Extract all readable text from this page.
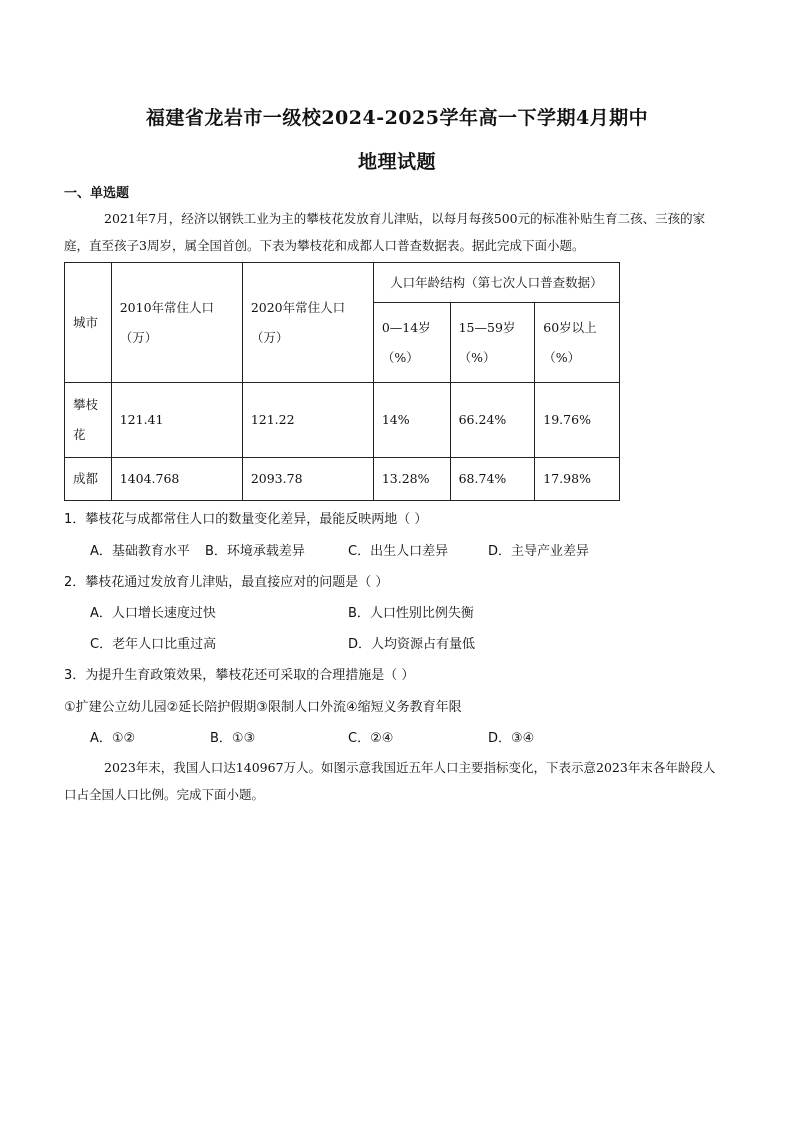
福建省龙岩市一级校2024-2025学年高一下学期4月期中
地理试题
一、单选题
2021年7月，经济以钢铁工业为主的攀枝花发放育儿津贴，以每月每孩500元的标准补贴生育二孩、三孩的家庭，直至孩子3周岁，属全国首创。下表为攀枝花和成都人口普查数据表。据此完成下面小题。
城市	2010年常住人口（万）	2020年常住人口（万）	人口年龄结构（第七次人口普查数据）		
			0—14岁（%）	15—59岁（%）	60岁以上（%）
攀枝花	121.41	121.22	14%	66.24%	19.76%
成都	1404.768	2093.78	13.28%	68.74%	17.98%
1．攀枝花与成都常住人口的数量变化差异，最能反映两地（ ）
A．基础教育水平 B．环境承载差异	C．出生人口差异	D．主导产业差异
2．攀枝花通过发放育儿津贴，最直接应对的问题是（ ）
A．人口增长速度过快	B．人口性别比例失衡
C．老年人口比重过高	D．人均资源占有量低
3．为提升生育政策效果，攀枝花还可采取的合理措施是（ ）
①扩建公立幼儿园②延长陪护假期③限制人口外流④缩短义务教育年限
A．①②	B．①③	C．②④	D．③④
2023年末，我国人口达140967万人。如图示意我国近五年人口主要指标变化，下表示意2023年末各年龄段人口占全国人口比例。完成下面小题。
